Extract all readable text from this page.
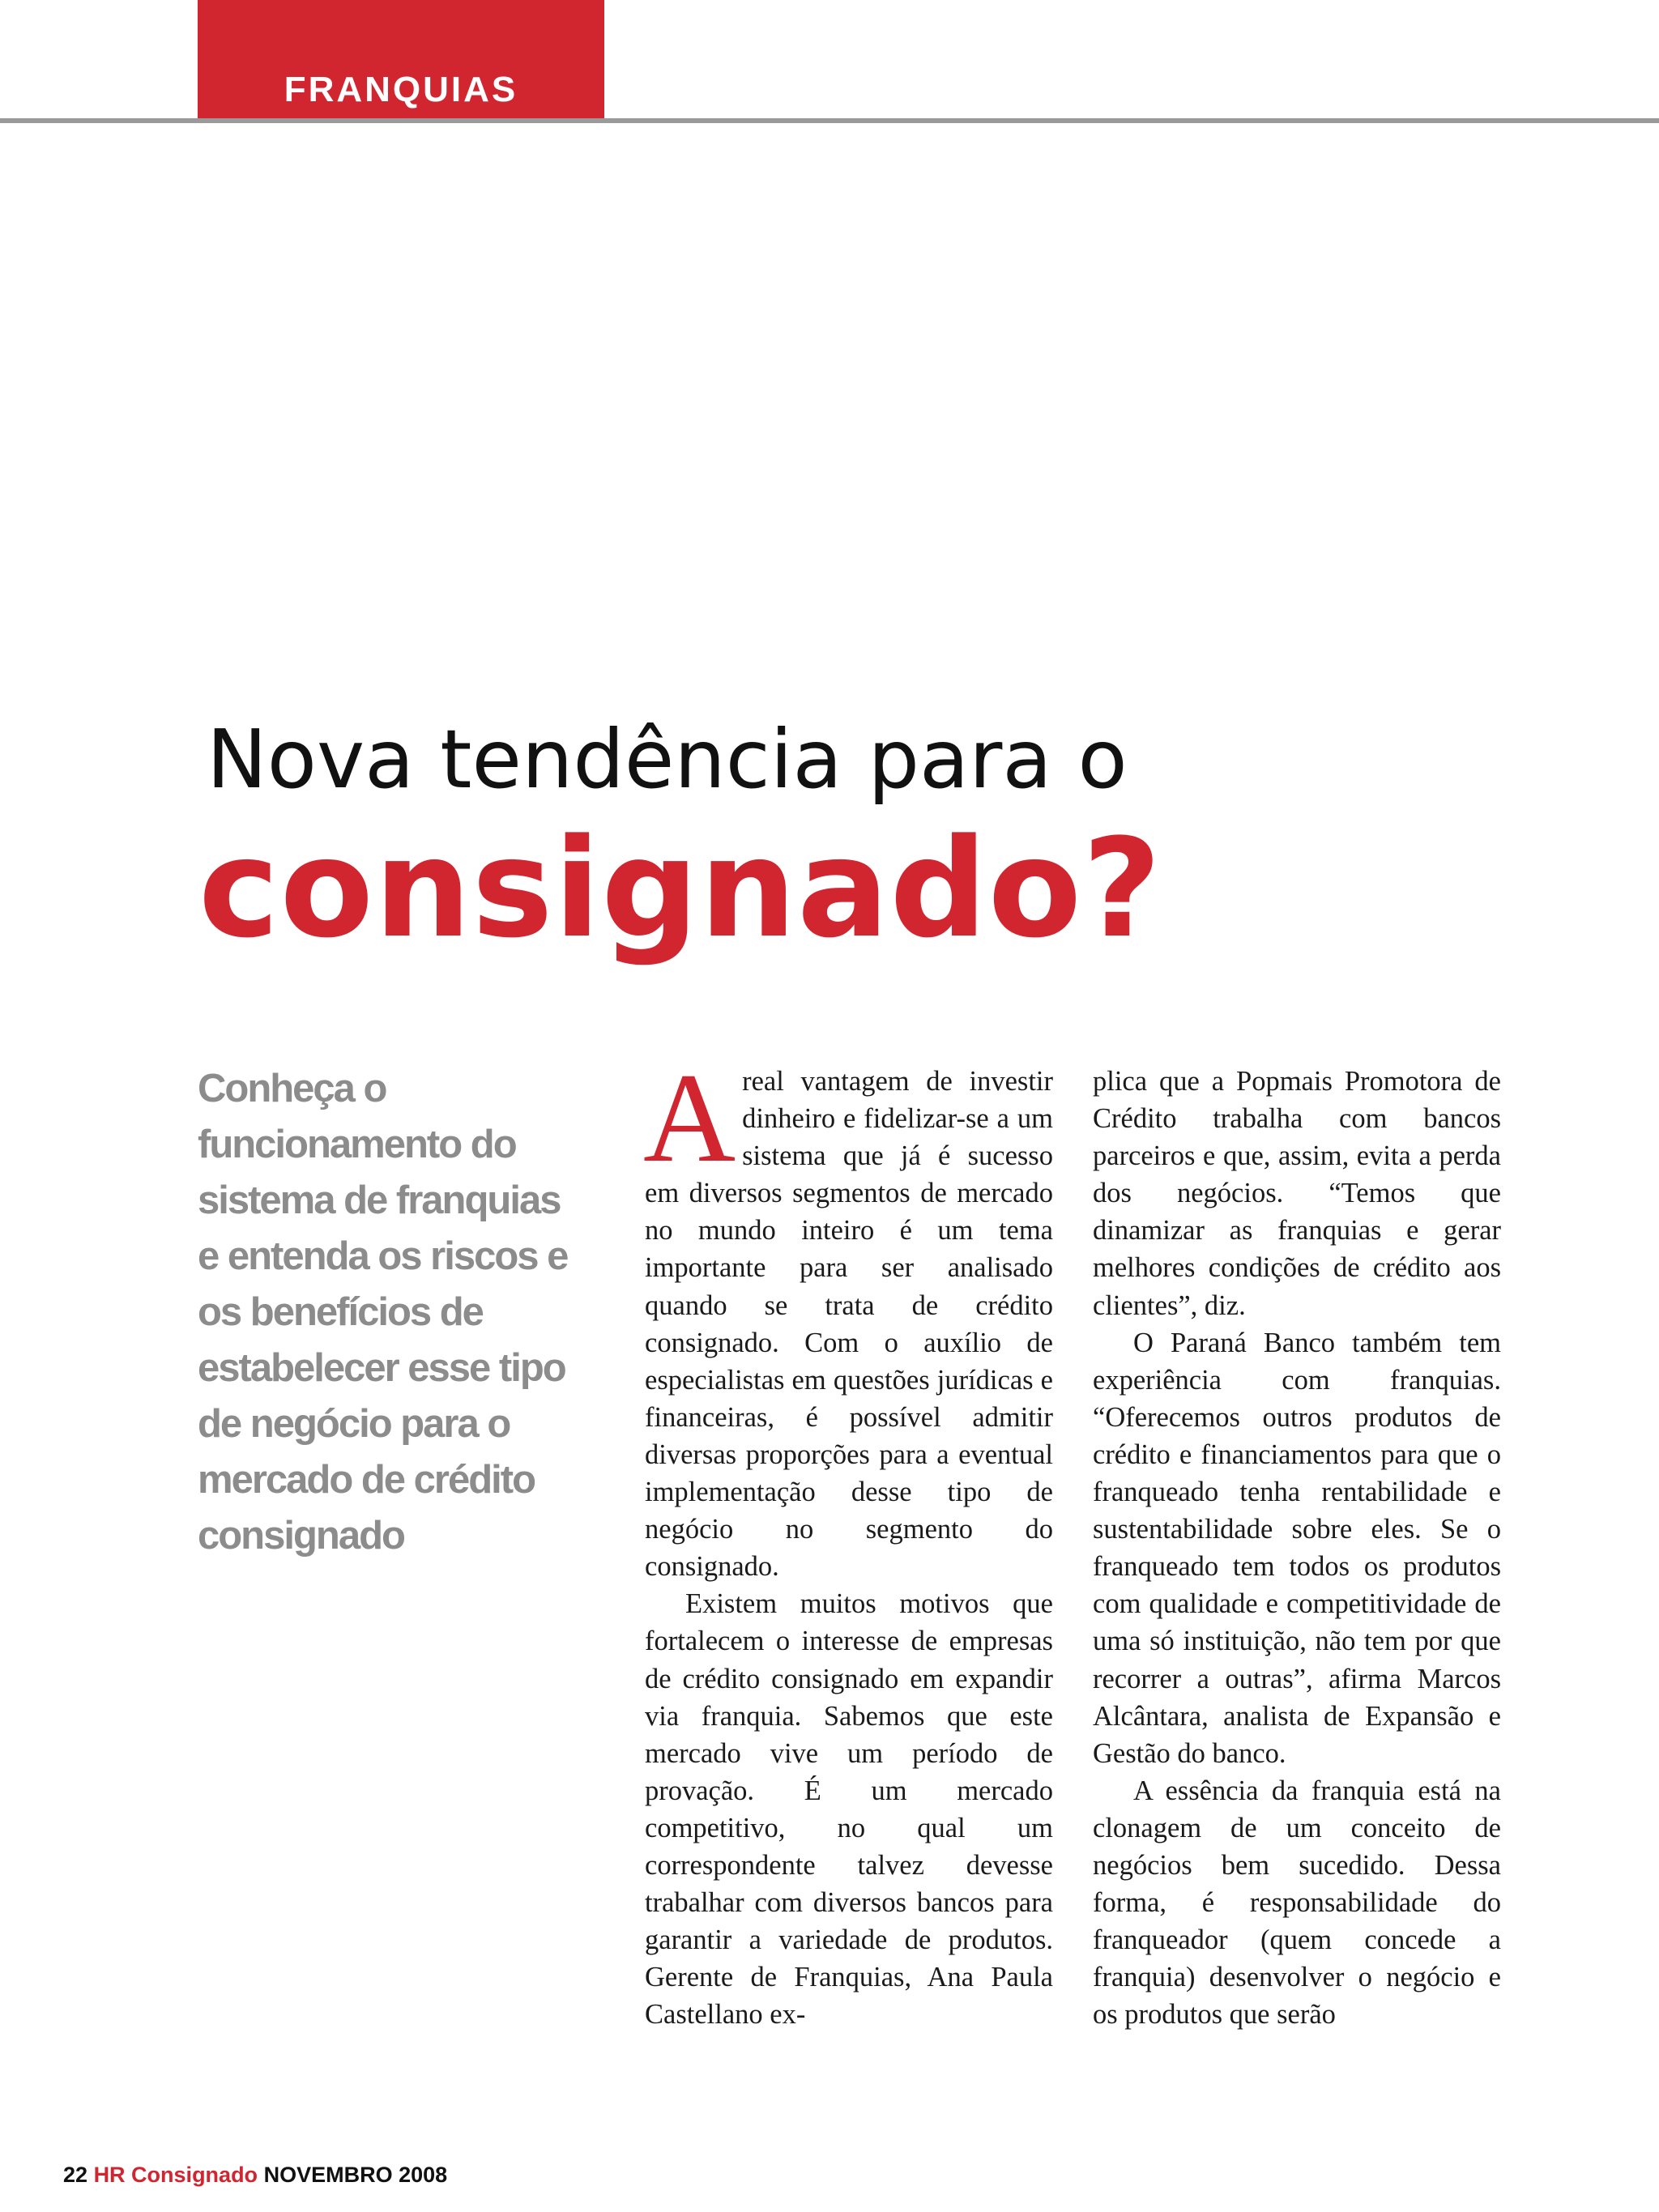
FRANQUIAS
Nova tendência para o
consignado?
Conheça o funcionamento do sistema de franquias e entenda os riscos e os benefícios de estabelecer esse tipo de negócio para o mercado de crédito consignado

Areal vantagem de investir dinheiro e fidelizar-se a um sistema que já é sucesso em diversos segmentos de mercado no mundo inteiro é um tema importante para ser analisado quando se trata de crédito consignado. Com o auxílio de especialistas em questões jurídicas e financeiras, é possível admitir diversas proporções para a eventual implementação desse tipo de negócio no segmento do consignado.

Existem muitos motivos que fortalecem o interesse de empresas de crédito consignado em expandir via franquia. Sabemos que este mercado vive um período de provação. É um mercado competitivo, no qual um correspondente talvez devesse trabalhar com diversos bancos para garantir a variedade de produtos. Gerente de Franquias, Ana Paula Castellano ex-

plica que a Popmais Promotora de Crédito trabalha com bancos parceiros e que, assim, evita a perda dos negócios. “Temos que dinamizar as franquias e gerar melhores condições de crédito aos clientes”, diz.

O Paraná Banco também tem experiência com franquias. “Oferecemos outros produtos de crédito e financiamentos para que o franqueado tenha rentabilidade e sustentabilidade sobre eles. Se o franqueado tem todos os produtos com qualidade e competitividade de uma só instituição, não tem por que recorrer a outras”, afirma Marcos Alcântara, analista de Expansão e Gestão do banco.

A essência da franquia está na clonagem de um conceito de negócios bem sucedido. Dessa forma, é responsabilidade do franqueador (quem concede a franquia) desenvolver o negócio e os produtos que serão

22 HR Consignado NOVEMBRO 2008
